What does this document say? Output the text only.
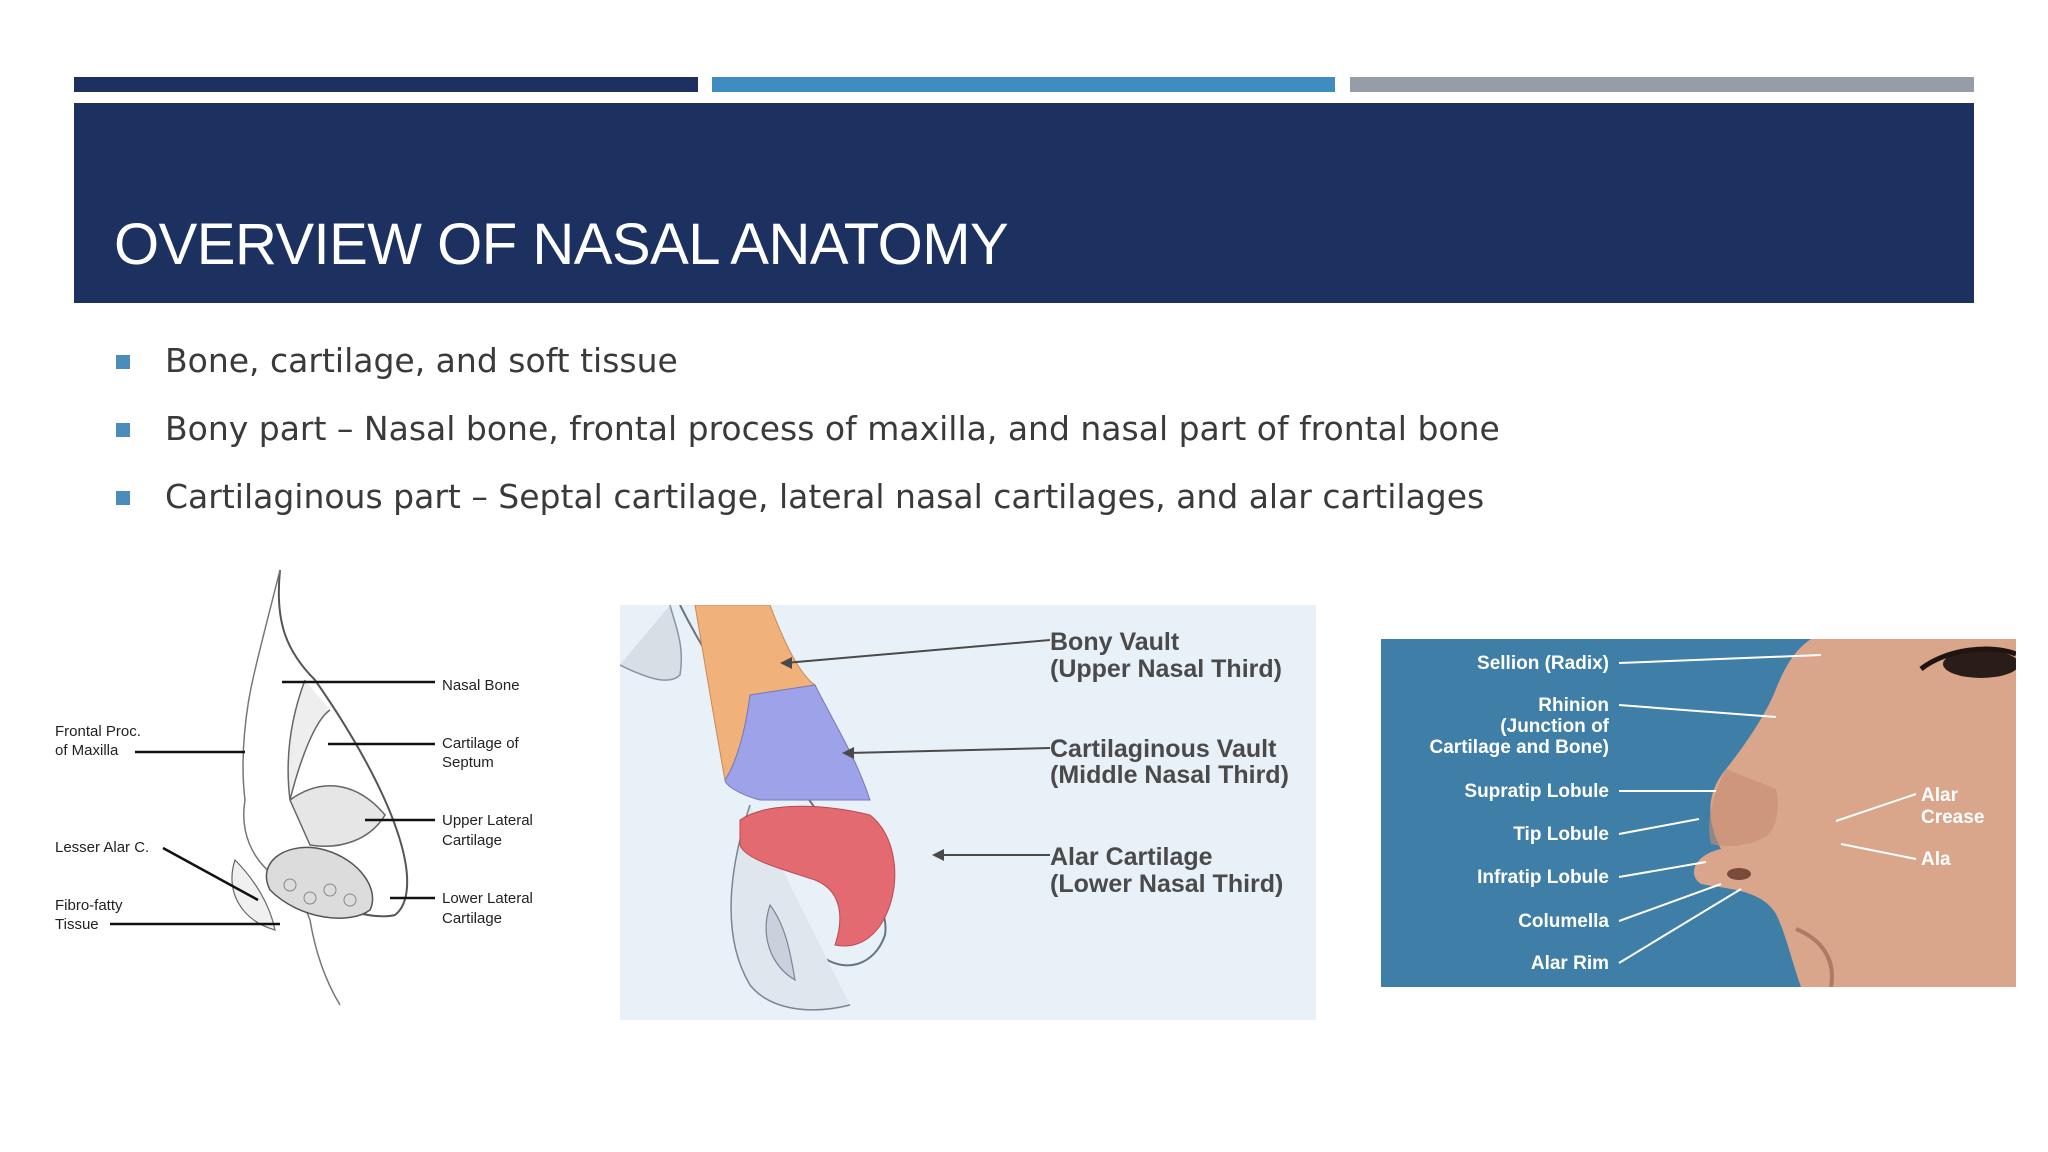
OVERVIEW OF NASAL ANATOMY
Bone, cartilage, and soft tissue
Bony part – Nasal bone, frontal process of maxilla, and nasal part of frontal bone
Cartilaginous part – Septal cartilage, lateral nasal cartilages, and alar cartilages
Nasal Bone
Cartilage of
Septum
Upper Lateral
Cartilage
Lower Lateral
Cartilage
Frontal Proc.
of Maxilla
Lesser Alar C.
Fibro-fatty
Tissue
Bony Vault
(Upper Nasal Third)
Cartilaginous Vault
(Middle Nasal Third)
Alar Cartilage
(Lower Nasal Third)
Sellion (Radix)
Rhinion
(Junction of
Cartilage and Bone)
Supratip Lobule
Tip Lobule
Infratip Lobule
Columella
Alar Rim
Alar
Crease
Ala
